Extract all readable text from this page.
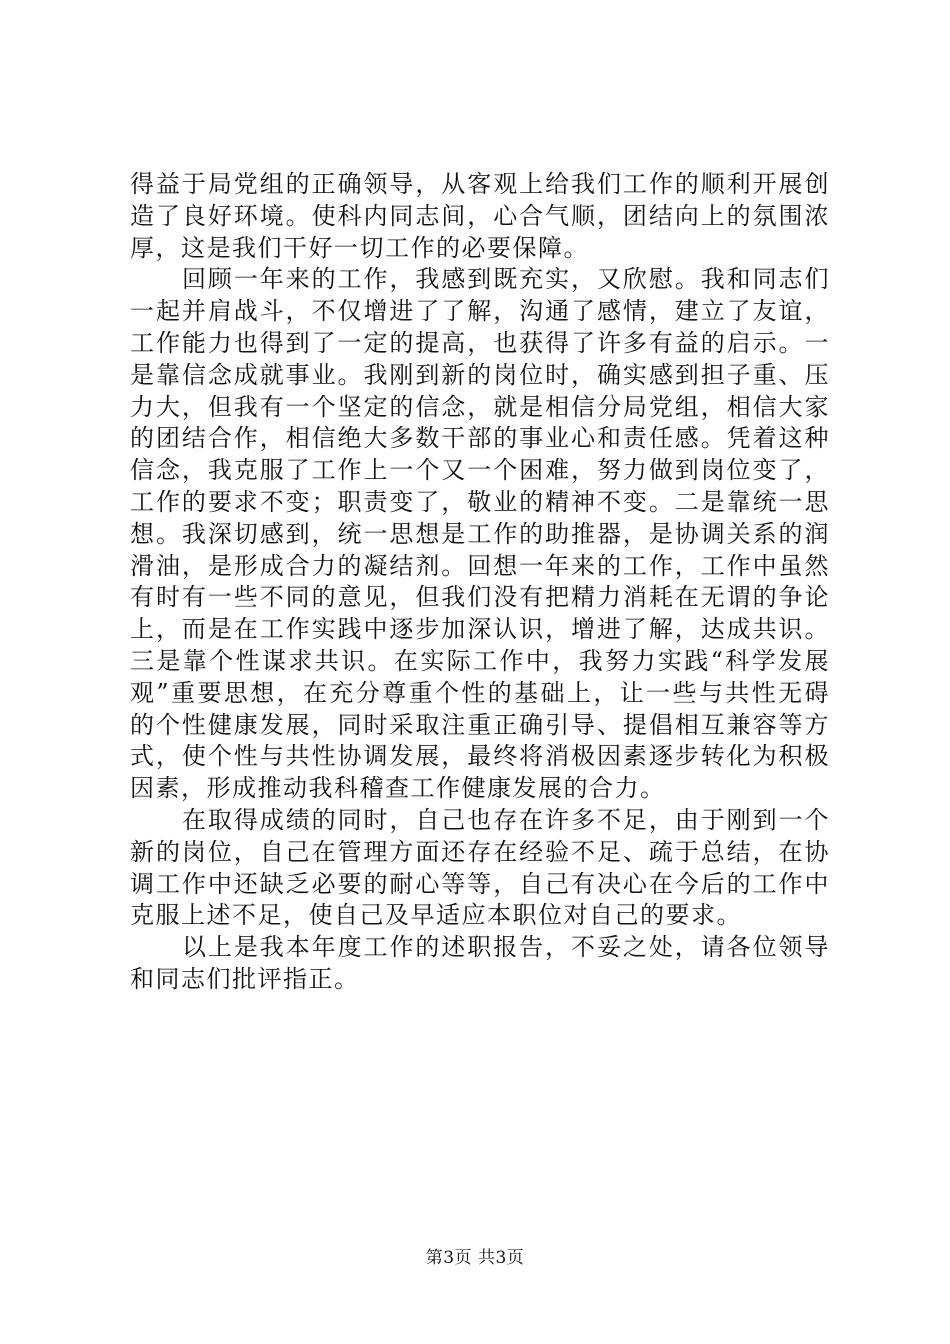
得益于局党组的正确领导，从客观上给我们工作的顺利开展创造了良好环境。使科内同志间，心合气顺，团结向上的氛围浓厚，这是我们干好一切工作的必要保障。

回顾一年来的工作，我感到既充实，又欣慰。我和同志们一起并肩战斗，不仅增进了了解，沟通了感情，建立了友谊，工作能力也得到了一定的提高，也获得了许多有益的启示。一是靠信念成就事业。我刚到新的岗位时，确实感到担子重、压力大，但我有一个坚定的信念，就是相信分局党组，相信大家的团结合作，相信绝大多数干部的事业心和责任感。凭着这种信念，我克服了工作上一个又一个困难，努力做到岗位变了，工作的要求不变；职责变了，敬业的精神不变。二是靠统一思想。我深切感到，统一思想是工作的助推器，是协调关系的润滑油，是形成合力的凝结剂。回想一年来的工作，工作中虽然有时有一些不同的意见，但我们没有把精力消耗在无谓的争论上，而是在工作实践中逐步加深认识，增进了解，达成共识。三是靠个性谋求共识。在实际工作中，我努力实践“科学发展观”重要思想，在充分尊重个性的基础上，让一些与共性无碍的个性健康发展，同时采取注重正确引导、提倡相互兼容等方式，使个性与共性协调发展，最终将消极因素逐步转化为积极因素，形成推动我科稽查工作健康发展的合力。

在取得成绩的同时，自己也存在许多不足，由于刚到一个新的岗位，自己在管理方面还存在经验不足、疏于总结，在协调工作中还缺乏必要的耐心等等，自己有决心在今后的工作中克服上述不足，使自己及早适应本职位对自己的要求。

以上是我本年度工作的述职报告，不妥之处，请各位领导和同志们批评指正。

第3页 共3页
